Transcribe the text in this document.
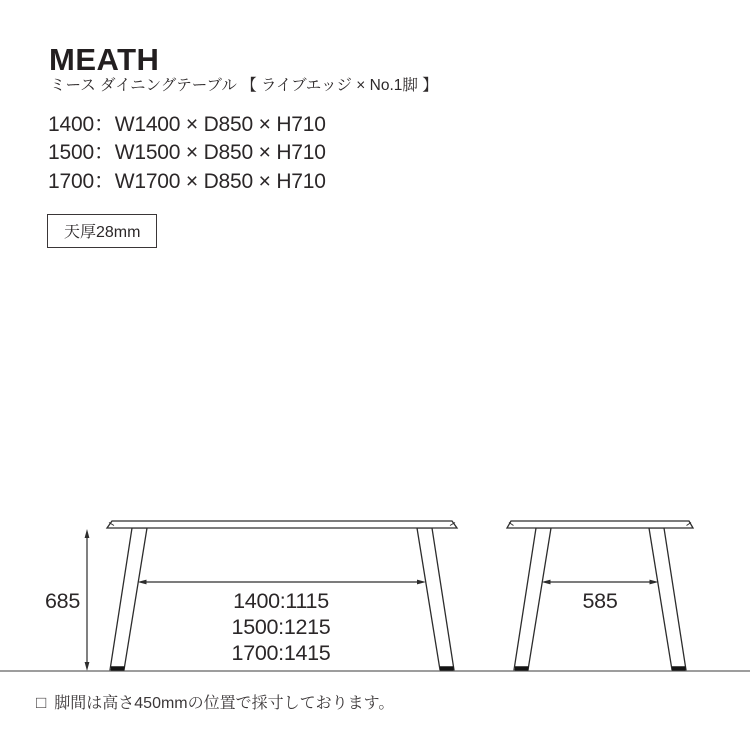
MEATH
ミース ダイニングテーブル 【 ライブエッジ × No.1脚 】
1400：W1400 × D850 × H710
1500：W1500 × D850 × H710
1700：W1700 × D850 × H710
天厚28mm
685	1400:1115
1500:1215
1700:1415
585
□ 脚間は高さ450mmの位置で採寸しております。
